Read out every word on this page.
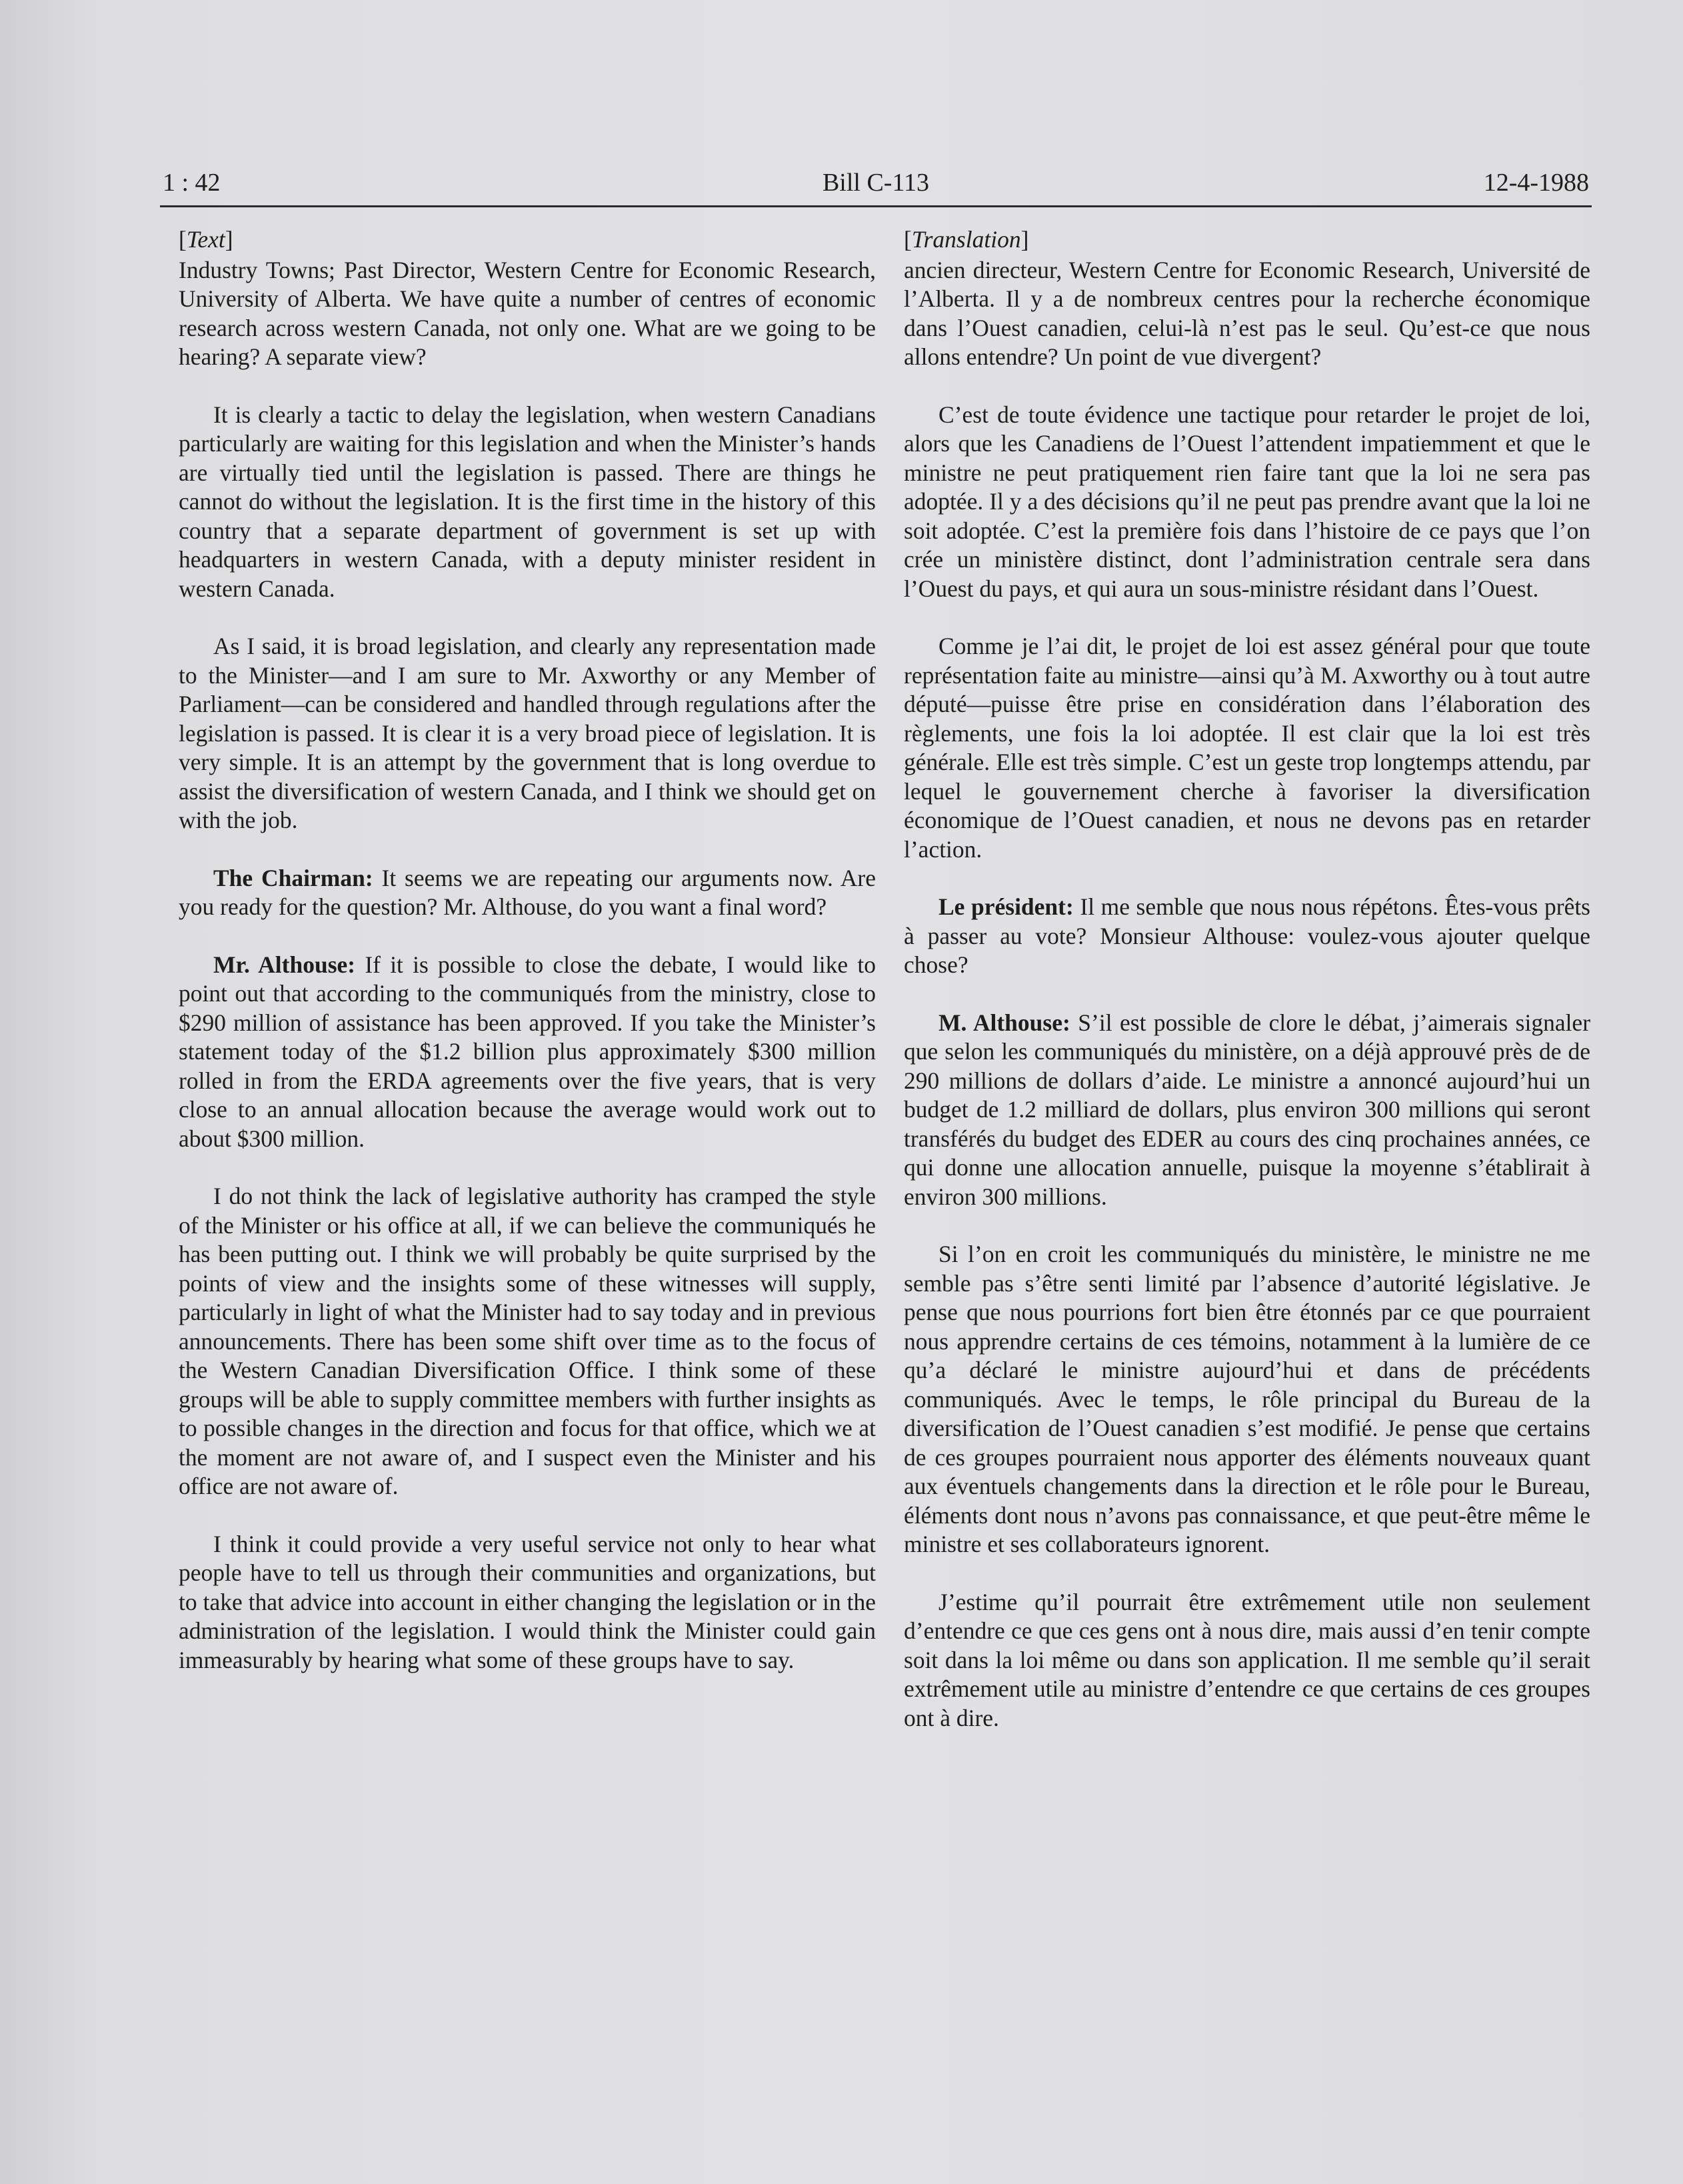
1 : 42	Bill C-113	12-4-1988
[Text]

Industry Towns; Past Director, Western Centre for Economic Research, University of Alberta. We have quite a number of centres of economic research across western Canada, not only one. What are we going to be hearing? A separate view?

It is clearly a tactic to delay the legislation, when western Canadians particularly are waiting for this legislation and when the Minister’s hands are virtually tied until the legislation is passed. There are things he cannot do without the legislation. It is the first time in the history of this country that a separate department of government is set up with headquarters in western Canada, with a deputy minister resident in western Canada.

As I said, it is broad legislation, and clearly any representation made to the Minister—and I am sure to Mr. Axworthy or any Member of Parliament—can be considered and handled through regulations after the legislation is passed. It is clear it is a very broad piece of legislation. It is very simple. It is an attempt by the government that is long overdue to assist the diversification of western Canada, and I think we should get on with the job.

The Chairman: It seems we are repeating our arguments now. Are you ready for the question? Mr. Althouse, do you want a final word?

Mr. Althouse: If it is possible to close the debate, I would like to point out that according to the communiqués from the ministry, close to $290 million of assistance has been approved. If you take the Minister’s statement today of the $1.2 billion plus approximately $300 million rolled in from the ERDA agreements over the five years, that is very close to an annual allocation because the average would work out to about $300 million.

I do not think the lack of legislative authority has cramped the style of the Minister or his office at all, if we can believe the communiqués he has been putting out. I think we will probably be quite surprised by the points of view and the insights some of these witnesses will supply, particularly in light of what the Minister had to say today and in previous announcements. There has been some shift over time as to the focus of the Western Canadian Diversification Office. I think some of these groups will be able to supply committee members with further insights as to possible changes in the direction and focus for that office, which we at the moment are not aware of, and I suspect even the Minister and his office are not aware of.

I think it could provide a very useful service not only to hear what people have to tell us through their communities and organizations, but to take that advice into account in either changing the legislation or in the administration of the legislation. I would think the Minister could gain immeasurably by hearing what some of these groups have to say.

[Translation]

ancien directeur, Western Centre for Economic Research, Université de l’Alberta. Il y a de nombreux centres pour la recherche économique dans l’Ouest canadien, celui-là n’est pas le seul. Qu’est-ce que nous allons entendre? Un point de vue divergent?

C’est de toute évidence une tactique pour retarder le projet de loi, alors que les Canadiens de l’Ouest l’attendent impatiemment et que le ministre ne peut pratiquement rien faire tant que la loi ne sera pas adoptée. Il y a des décisions qu’il ne peut pas prendre avant que la loi ne soit adoptée. C’est la première fois dans l’histoire de ce pays que l’on crée un ministère distinct, dont l’administration centrale sera dans l’Ouest du pays, et qui aura un sous-ministre résidant dans l’Ouest.

Comme je l’ai dit, le projet de loi est assez général pour que toute représentation faite au ministre—ainsi qu’à M. Axworthy ou à tout autre député—puisse être prise en considération dans l’élaboration des règlements, une fois la loi adoptée. Il est clair que la loi est très générale. Elle est très simple. C’est un geste trop longtemps attendu, par lequel le gouvernement cherche à favoriser la diversification économique de l’Ouest canadien, et nous ne devons pas en retarder l’action.

Le président: Il me semble que nous nous répétons. Êtes-vous prêts à passer au vote? Monsieur Althouse: voulez-vous ajouter quelque chose?

M. Althouse: S’il est possible de clore le débat, j’aimerais signaler que selon les communiqués du ministère, on a déjà approuvé près de de 290 millions de dollars d’aide. Le ministre a annoncé aujourd’hui un budget de 1.2 milliard de dollars, plus environ 300 millions qui seront transférés du budget des EDER au cours des cinq prochaines années, ce qui donne une allocation annuelle, puisque la moyenne s’établirait à environ 300 millions.

Si l’on en croit les communiqués du ministère, le ministre ne me semble pas s’être senti limité par l’absence d’autorité législative. Je pense que nous pourrions fort bien être étonnés par ce que pourraient nous apprendre certains de ces témoins, notamment à la lumière de ce qu’a déclaré le ministre aujourd’hui et dans de précédents communiqués. Avec le temps, le rôle principal du Bureau de la diversification de l’Ouest canadien s’est modifié. Je pense que certains de ces groupes pourraient nous apporter des éléments nouveaux quant aux éventuels changements dans la direction et le rôle pour le Bureau, éléments dont nous n’avons pas connaissance, et que peut-être même le ministre et ses collaborateurs ignorent.

J’estime qu’il pourrait être extrêmement utile non seulement d’entendre ce que ces gens ont à nous dire, mais aussi d’en tenir compte soit dans la loi même ou dans son application. Il me semble qu’il serait extrêmement utile au ministre d’entendre ce que certains de ces groupes ont à dire.
